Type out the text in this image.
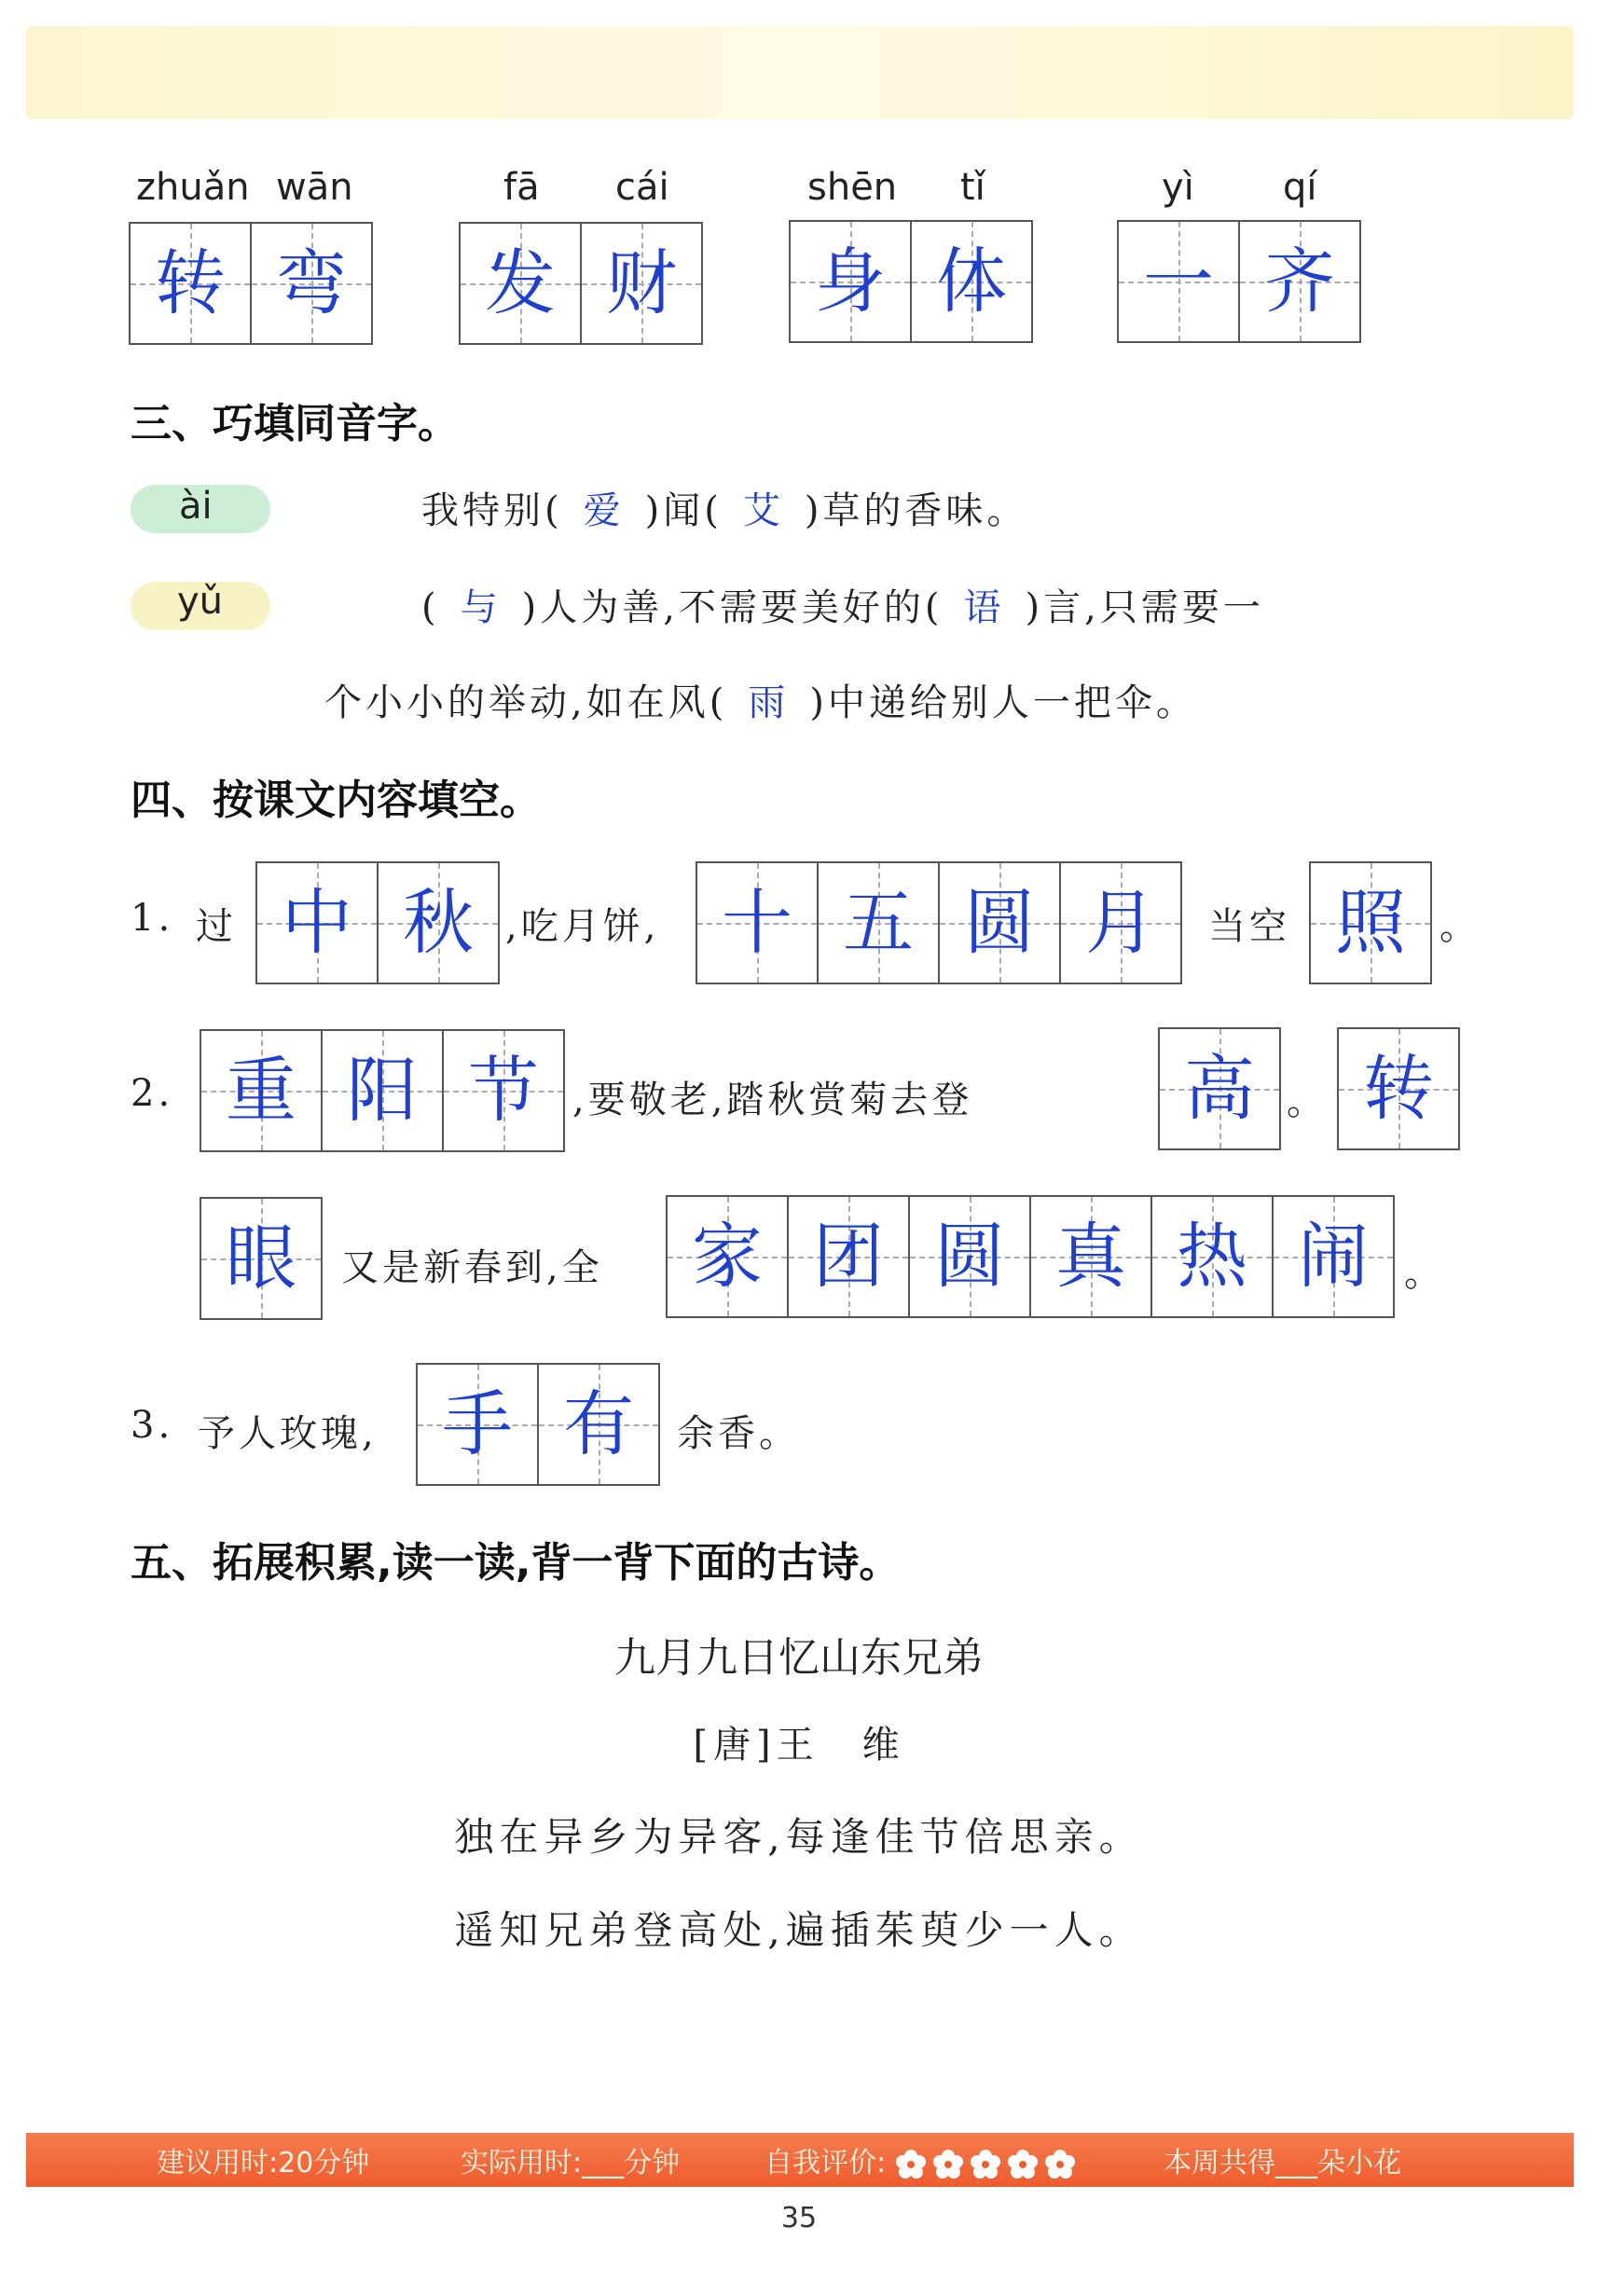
zhuǎn wān
转 弯
fā cái
发 财
shēn tǐ
身 体
yì qí
一 齐
三、巧填同音字。
ài	我特别( 爱 )闻( 艾 )草的香味。
yǔ	( 与 )人为善,不需要美好的( 语 )言,只需要一
个小小的举动,如在风( 雨 )中递给别人一把伞。
四、按课文内容填空。
1. 过 中 秋 ,吃月饼, 十 五 圆 月	当空 照 。
2. 重 阳 节 ,要敬老,踏秋赏菊去登	高 。 转
眼	又是新春到,全	家 团 圆 真 热 闹 。
3. 予人玫瑰, 手 有	余香。
五、拓展积累,读一读,背一背下面的古诗。
九月九日忆山东兄弟
[唐]王　维
独在异乡为异客,每逢佳节倍思亲。
遥知兄弟登高处,遍插茱萸少一人。
建议用时:20分钟	实际用时:___分钟	自我评价:	本周共得___朵小花
35
